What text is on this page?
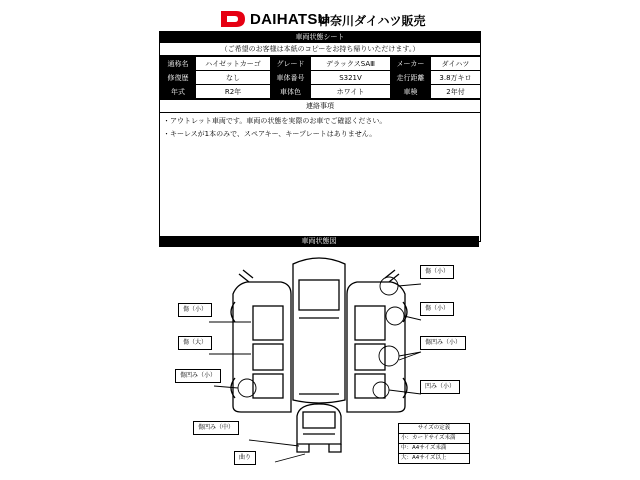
DAIHATSU
神奈川ダイハツ販売
車両状態シート
（ご希望のお客様は本紙のコピーをお持ち帰りいただけます。）
通称名	ハイゼットカーゴ	グレード	デラックスSAⅢ	メーカー	ダイハツ
修復歴	なし	車体番号	S321V	走行距離	3.8万キロ
年式	R2年	車体色	ホワイト	車検	2年付
連絡事項
・アウトレット車両です。車両の状態を実際のお車でご確認ください。
・キーレスが1本のみで、スペアキー、キープレートはありません。
車両状態図
傷（小）
傷（小）
傷凹み（小）
凹み（小）
傷（小）
傷（大）
傷凹み（小）
傷凹み（中）
曲り
サイズの定義
小：カードサイズ未満
中：A4サイズ未満
大：A4サイズ以上
